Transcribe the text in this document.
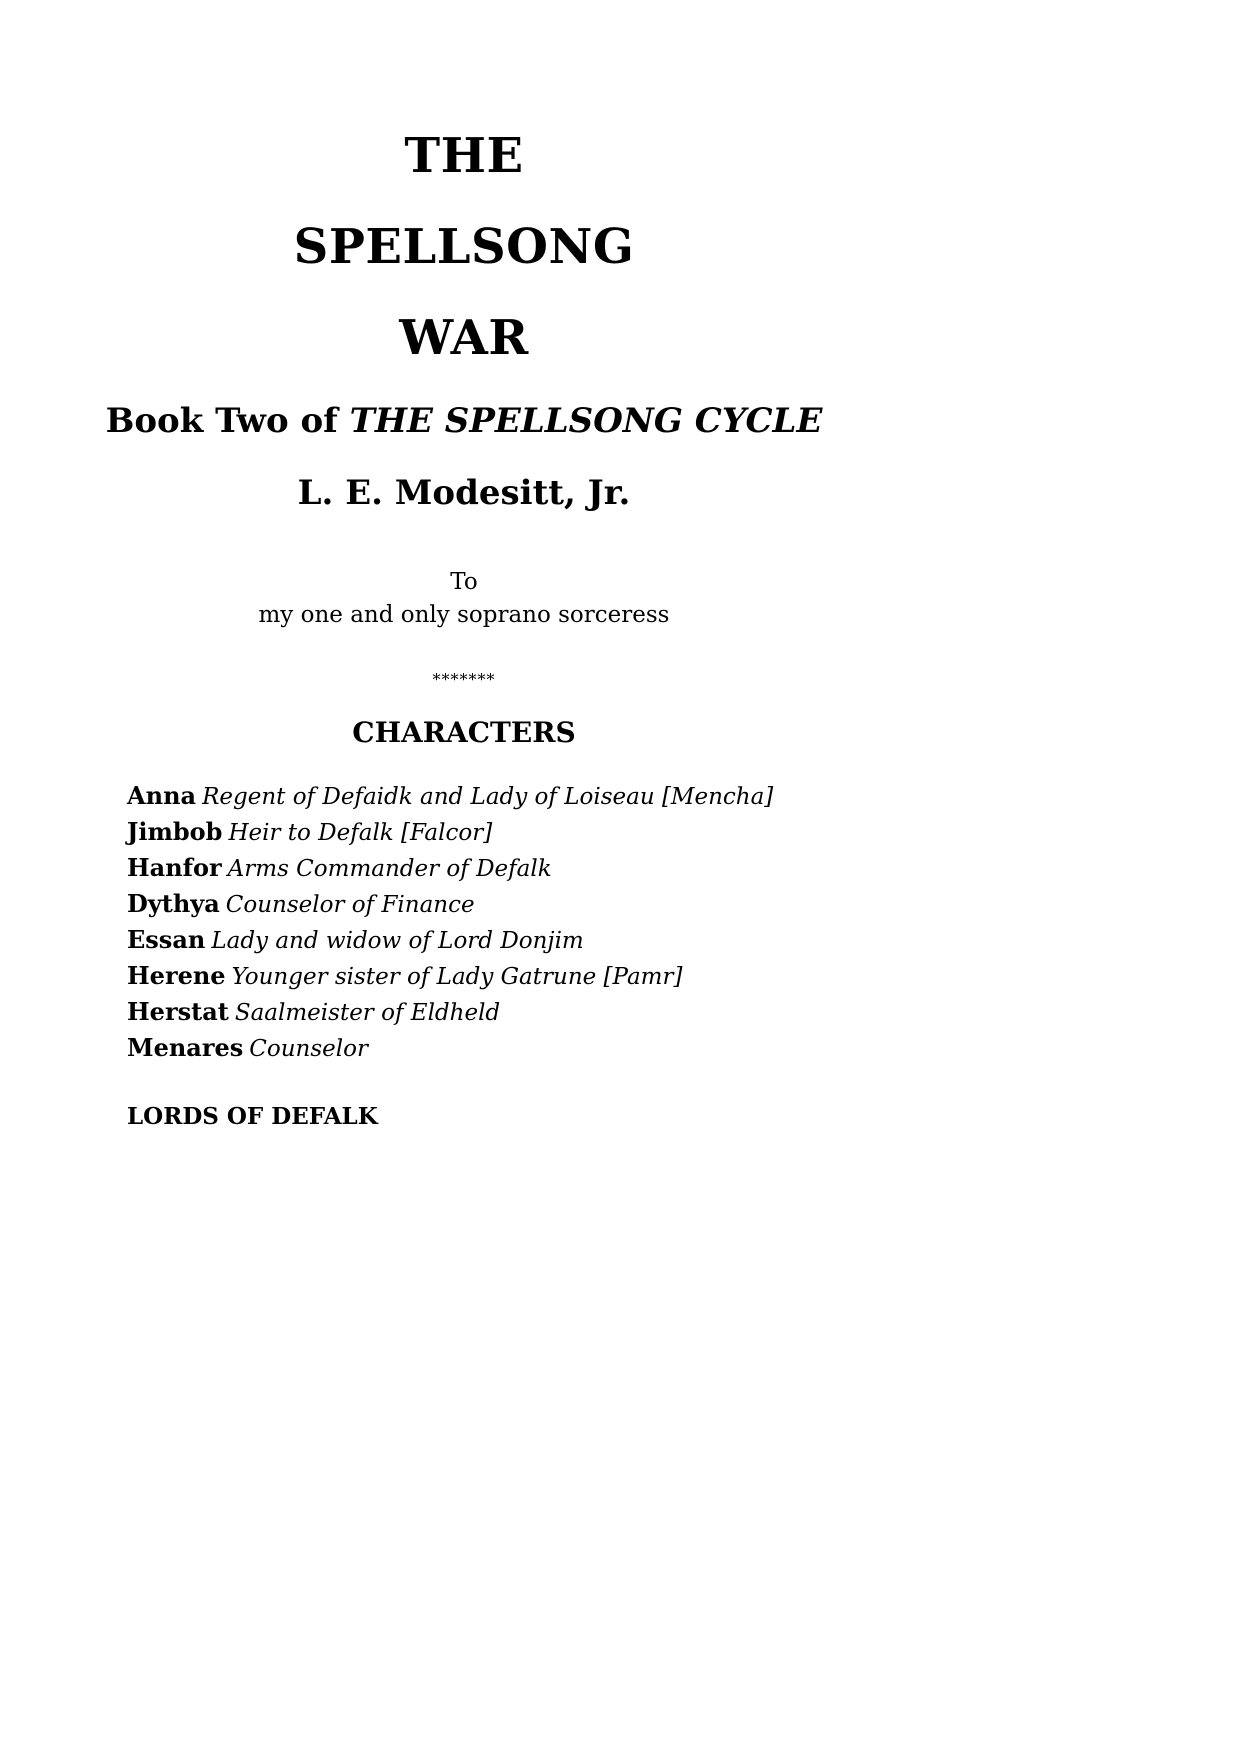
THE
SPELLSONG
WAR
Book Two of THE SPELLSONG CYCLE
L. E. Modesitt, Jr.
To
my one and only soprano sorceress
*******
CHARACTERS
Anna Regent of Defaidk and Lady of Loiseau [Mencha]
Jimbob Heir to Defalk [Falcor]
Hanfor Arms Commander of Defalk
Dythya Counselor of Finance
Essan Lady and widow of Lord Donjim
Herene Younger sister of Lady Gatrune [Pamr]
Herstat Saalmeister of Eldheld
Menares Counselor
LORDS OF DEFALK
